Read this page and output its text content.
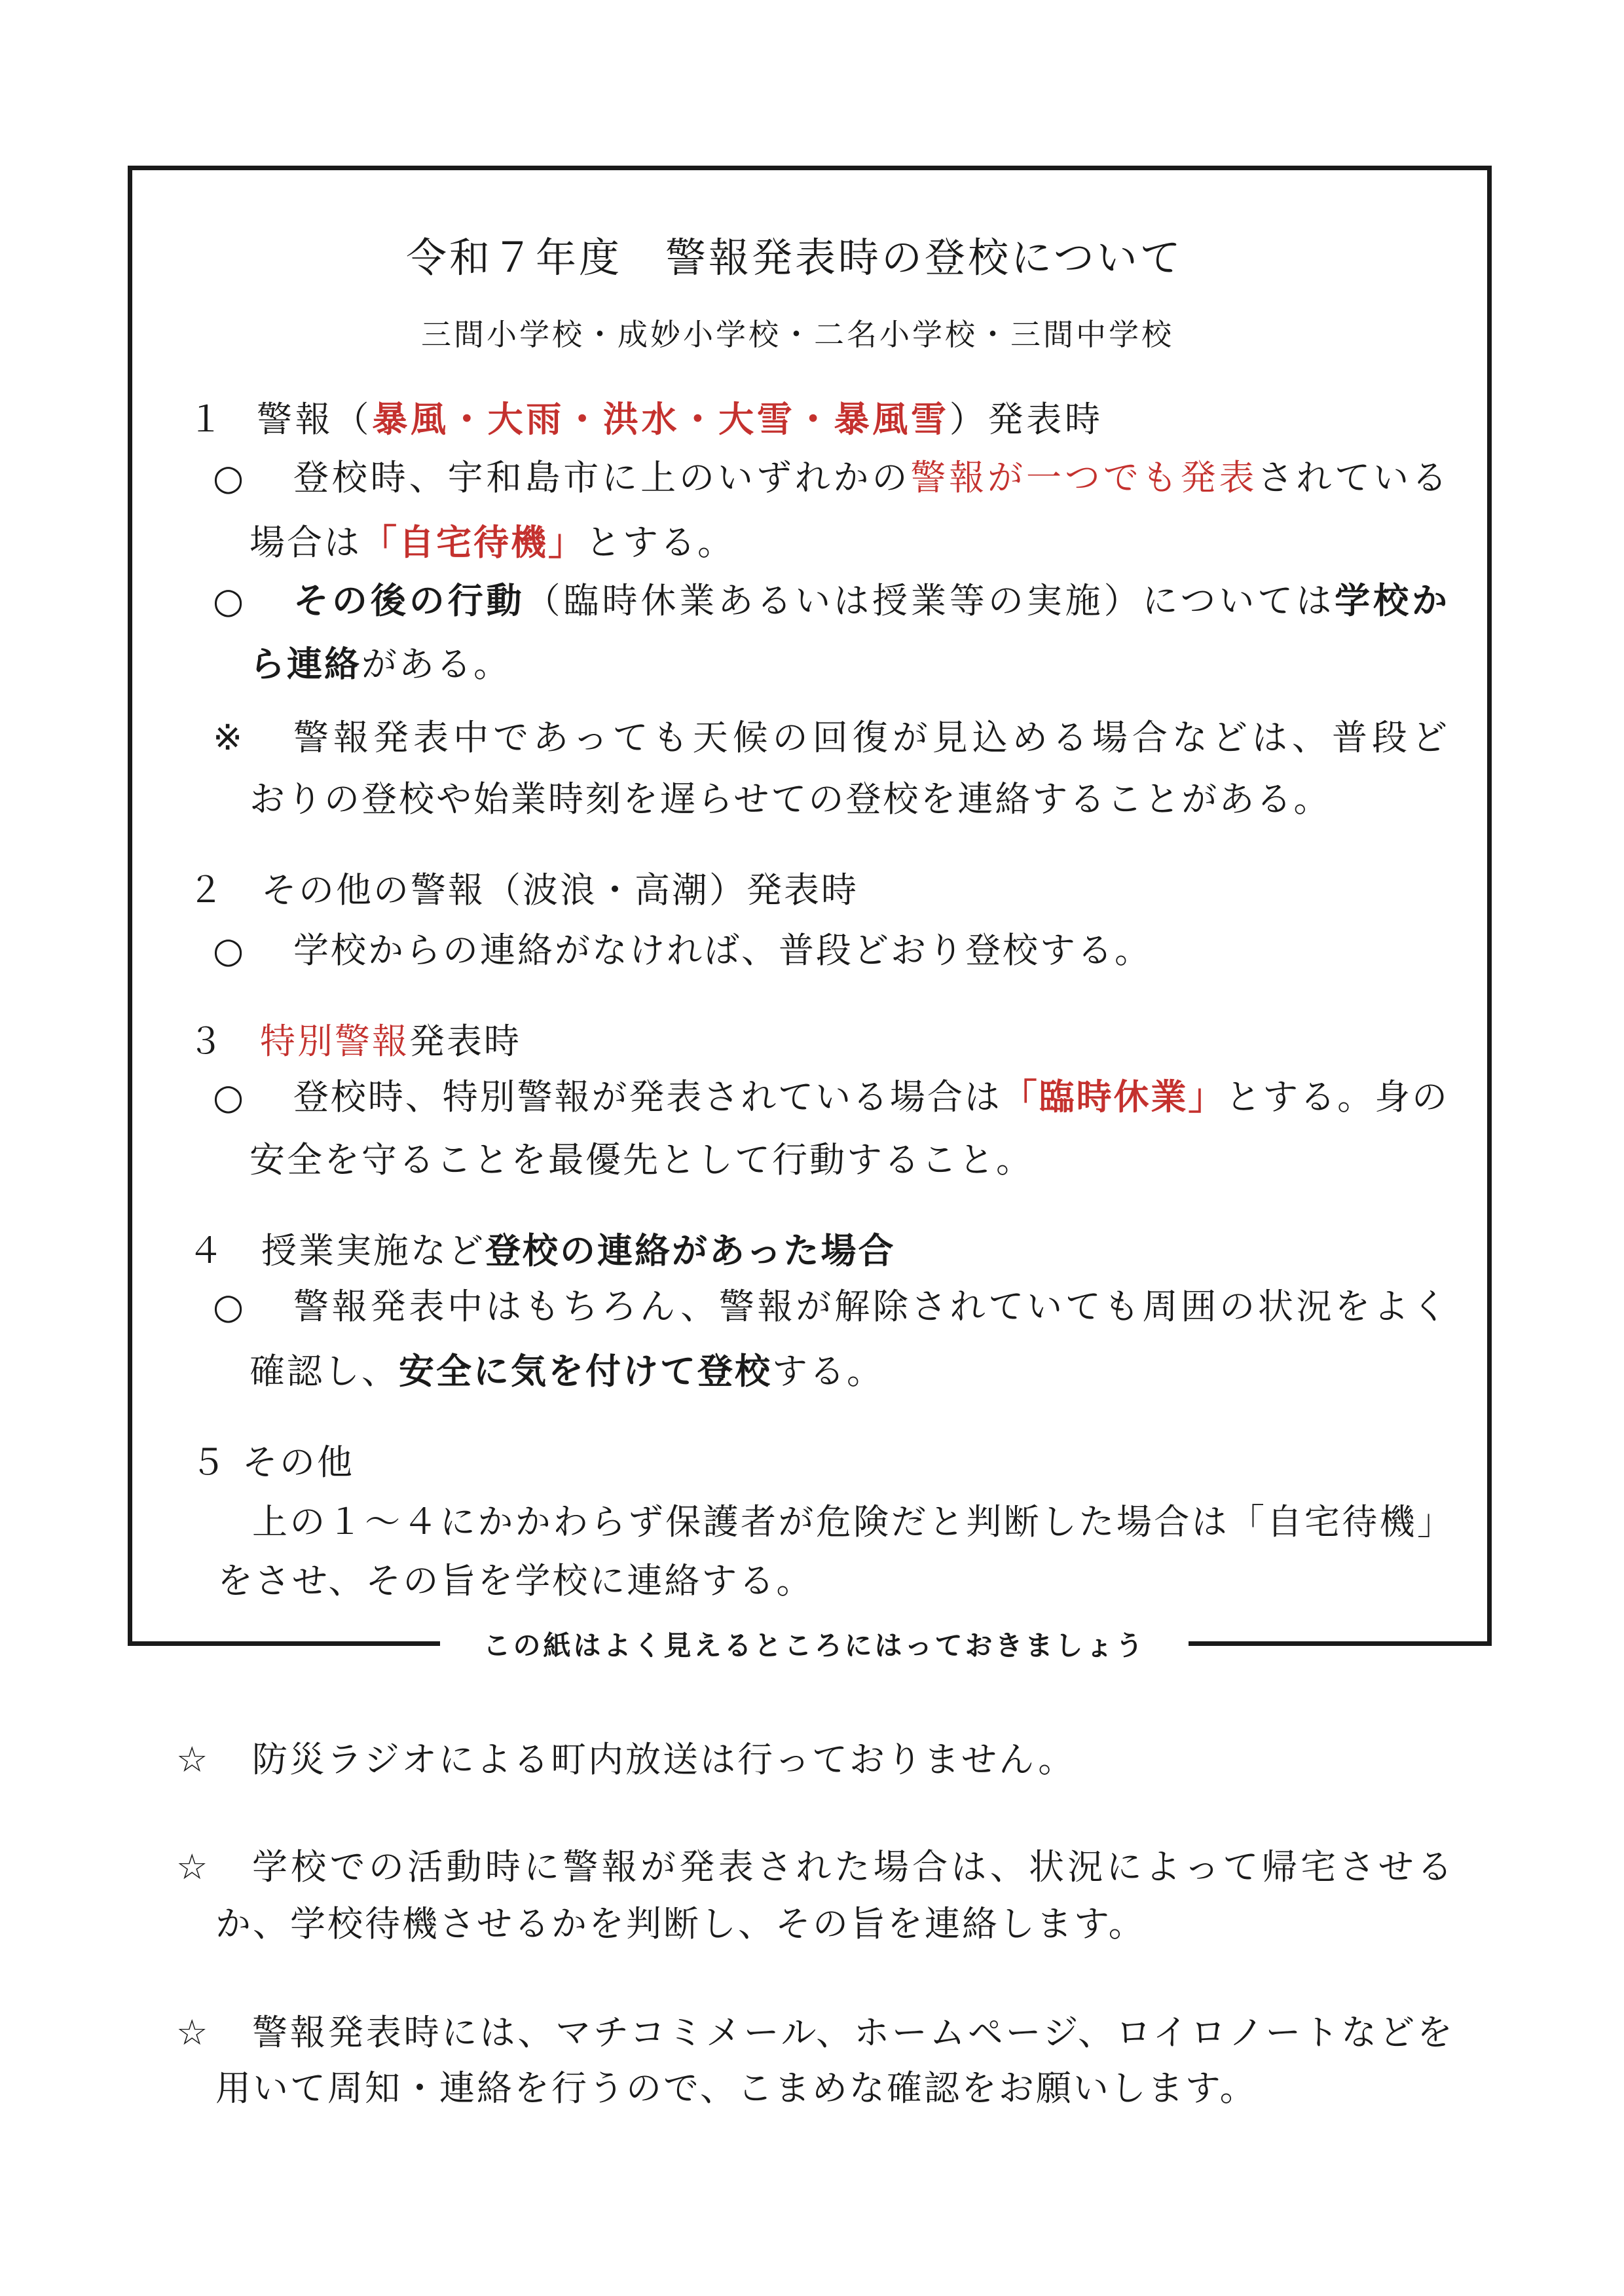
令和７年度　警報発表時の登校について
三間小学校・成妙小学校・二名小学校・三間中学校
１ 警報（暴風・大雨・洪水・大雪・暴風雪）発表時
○ 登校時、宇和島市に上のいずれかの警報が一つでも発表されている
場合は「自宅待機」とする。
○ その後の行動（臨時休業あるいは授業等の実施）については学校か
ら連絡がある。
※ 警報発表中であっても天候の回復が見込める場合などは、普段ど
おりの登校や始業時刻を遅らせての登校を連絡することがある。
２ その他の警報（波浪・高潮）発表時
○ 学校からの連絡がなければ、普段どおり登校する。
３ 特別警報発表時
○ 登校時、特別警報が発表されている場合は「臨時休業」とする。身の
安全を守ることを最優先として行動すること。
４ 授業実施など登校の連絡があった場合
○ 警報発表中はもちろん、警報が解除されていても周囲の状況をよく
確認し、安全に気を付けて登校する。
５ その他
上の１～４にかかわらず保護者が危険だと判断した場合は「自宅待機」
をさせ、その旨を学校に連絡する。
この紙はよく見えるところにはっておきましょう
☆ 防災ラジオによる町内放送は行っておりません。
☆ 学校での活動時に警報が発表された場合は、状況によって帰宅させる
か、学校待機させるかを判断し、その旨を連絡します。
☆ 警報発表時には、マチコミメール、ホームページ、ロイロノートなどを
用いて周知・連絡を行うので、こまめな確認をお願いします。
